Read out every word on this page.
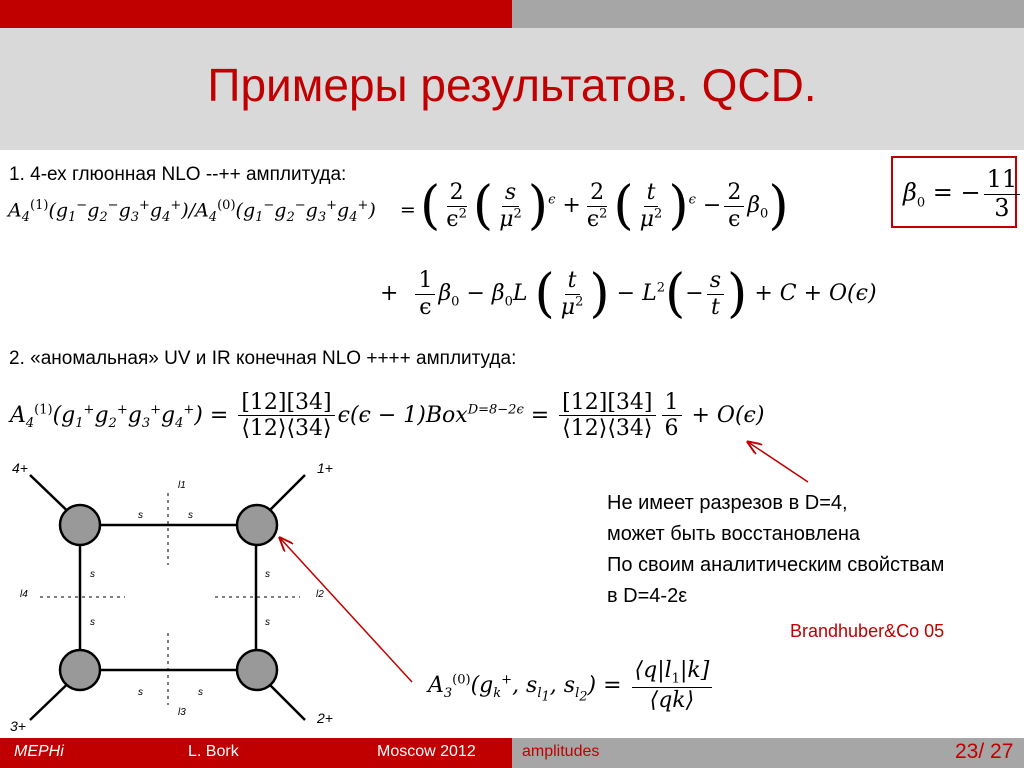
Примеры результатов. QCD.
1. 4-ех глюонная NLO --++ амплитуда:
$\beta_0$ = − $\frac{11}{3}$
$A_4^{(1)}(g_1^-g_2^-g_3^+g_4^+)/A_4^{(0)}(g_1^-g_2^-g_3^+g_4^+)$ = ( $\frac{2}{\epsilon^2}$ ( $\frac{s}{\mu^2} )^\epsilon + \frac{2}{\epsilon^2}$ ( $\frac{t}{\mu^2} )^\epsilon - \frac{2}{\epsilon} \beta_0$)
+ $\frac{1}{\epsilon} \beta_0 - \beta_0L$ ( $\frac{t}{\mu^2}$ ) − $L^2(- \frac{s}{t}$ ) + C + O(ϵ)
2. «аномальная» UV и IR конечная NLO ++++ амплитуда:
$A_4^{(1)}(g_1^+g_2^+g_3^+g_4^+) = \frac{[12][34]}{⟨12⟩⟨34⟩} \epsilon(\epsilon - 1)Box^{D=8-2\epsilon} = \frac{[12][34]}{⟨12⟩⟨34⟩} \frac{1}{6} + O(\epsilon)$
s	s
s	s
s
s
s
s
l1
l2
l3
l4
4+	1+
3+	2+
Не имеет разрезов в D=4,
может быть восстановлена
По своим аналитическим свойствам
в D=4-2ε
Brandhuber&Co 05
$A_3^{(0)}(g_k^+$, $s_{l_1}$, $s_{l_2}) = \frac{⟨q|l_1|k]}{⟨qk⟩}$
MEPHi	L. Bork	Moscow 2012	amplitudes	23/ 27
